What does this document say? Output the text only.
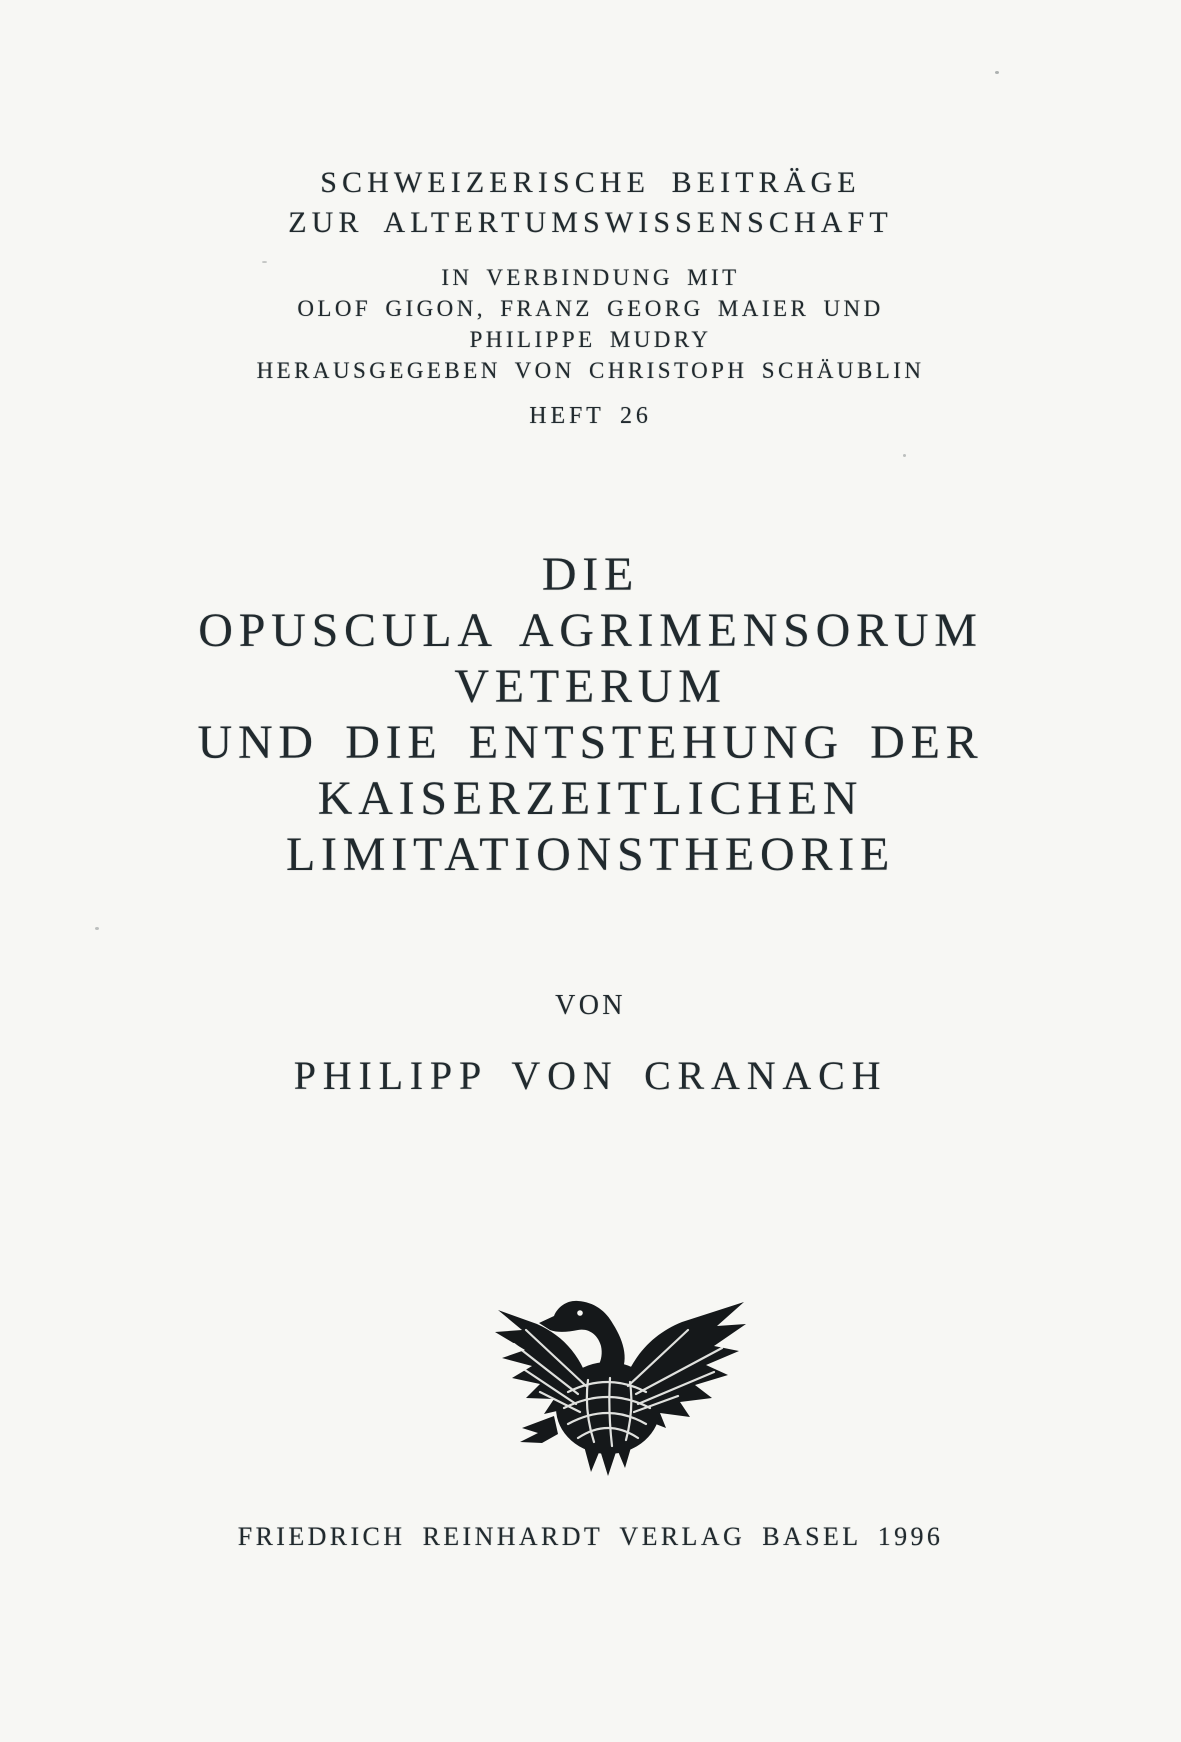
SCHWEIZERISCHE BEITRÄGE
ZUR ALTERTUMSWISSENSCHAFT
IN VERBINDUNG MIT
OLOF GIGON, FRANZ GEORG MAIER UND
PHILIPPE MUDRY
HERAUSGEGEBEN VON CHRISTOPH SCHÄUBLIN
HEFT 26
DIE
OPUSCULA AGRIMENSORUM
VETERUM
UND DIE ENTSTEHUNG DER
KAISERZEITLICHEN
LIMITATIONSTHEORIE
VON
PHILIPP VON CRANACH
FRIEDRICH REINHARDT VERLAG BASEL 1996
